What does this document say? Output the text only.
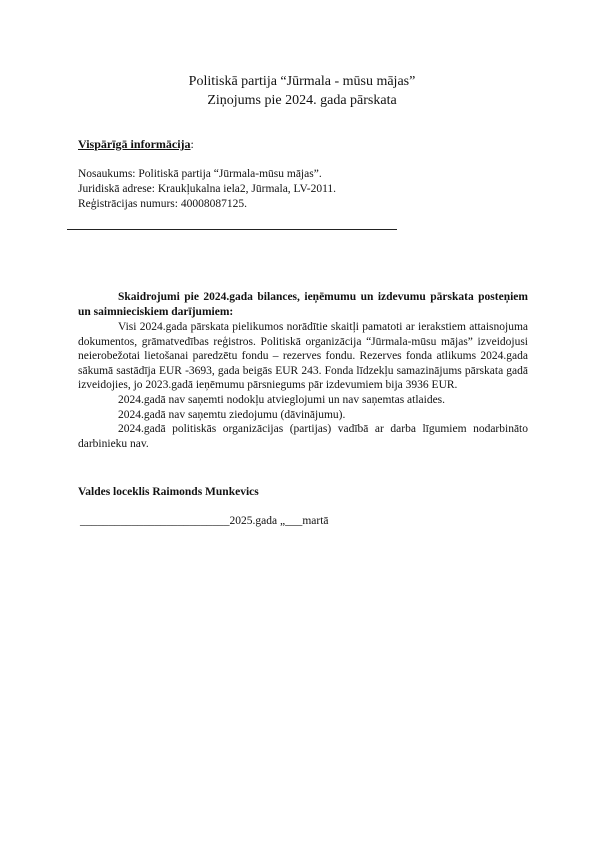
Politiskā partija “Jūrmala - mūsu mājas”
Ziņojums pie 2024. gada pārskata
Vispārīgā informācija:
Nosaukums: Politiskā partija “Jūrmala-mūsu mājas”.
Juridiskā adrese: Kraukļukalna iela2, Jūrmala, LV-2011.
Reģistrācijas numurs: 40008087125.
Skaidrojumi pie 2024.gada bilances, ieņēmumu un izdevumu pārskata posteņiem un saimnieciskiem darījumiem:

Visi 2024.gada pārskata pielikumos norādītie skaitļi pamatoti ar ierakstiem attaisnojuma dokumentos, grāmatvedības reģistros. Politiskā organizācija “Jūrmala-mūsu mājas” izveidojusi neierobežotai lietošanai paredzētu fondu – rezerves fondu. Rezerves fonda atlikums 2024.gada sākumā sastādīja EUR -3693, gada beigās EUR 243. Fonda līdzekļu samazinājums pārskata gadā izveidojies, jo 2023.gadā ieņēmumu pārsniegums pār izdevumiem bija 3936 EUR.

2024.gadā nav saņemti nodokļu atvieglojumi un nav saņemtas atlaides.

2024.gadā nav saņemtu ziedojumu (dāvinājumu).

2024.gadā politiskās organizācijas (partijas) vadībā ar darba līgumiem nodarbināto darbinieku nav.

Valdes loceklis Raimonds Munkevics
__________________________2025.gada „___martā
